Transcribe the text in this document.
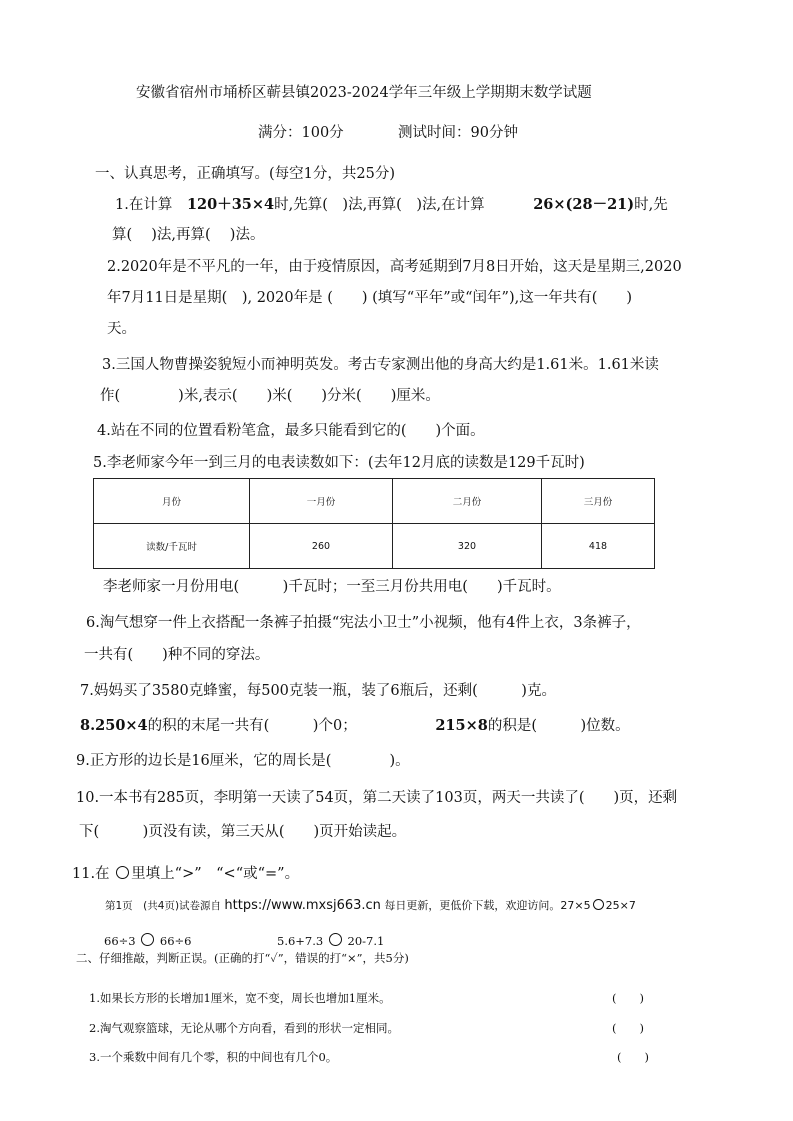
安徽省宿州市埇桥区蕲县镇2023-2024学年三年级上学期期末数学试题
满分：100分	测试时间：90分钟
一、认真思考，正确填写。(每空1分，共25分)
1.在计算 120＋35×4时,先算(　)法,再算(　)法,在计算	26×(28－21)时,先
算(　 )法,再算(　 )法。
2.2020年是不平凡的一年，由于疫情原因，高考延期到7月8日开始，这天是星期三,2020
年7月11日是星期(　), 2020年是 (　　) (填写“平年”或“闰年”),这一年共有(　　)
天。
3.三国人物曹操姿貌短小而神明英发。考古专家测出他的身高大约是1.61米。1.61米读
作(　　　　)米,表示(　　)米(　　)分米(　　)厘米。
4.站在不同的位置看粉笔盒，最多只能看到它的(　　)个面。
5.李老师家今年一到三月的电表读数如下：(去年12月底的读数是129千瓦时)
月份	一月份	二月份	三月份
读数/千瓦时	260	320	418
李老师家一月份用电(　　　)千瓦时；一至三月份共用电(　　)千瓦时。
6.淘气想穿一件上衣搭配一条裤子拍摄“宪法小卫士”小视频，他有4件上衣，3条裤子，
一共有(　　)种不同的穿法。
7.妈妈买了3580克蜂蜜，每500克装一瓶，装了6瓶后，还剩(　　　)克。
8.250×4的积的末尾一共有(　　　)个0；	215×8的积是(　　　)位数。
9.正方形的边长是16厘米，它的周长是(　　　　)。
10.一本书有285页，李明第一天读了54页，第二天读了103页，两天一共读了(　　)页，还剩
下(　　　)页没有读，第三天从(　　)页开始读起。
11.在 里填上“>”　“<“或“=”。
第1页　(共4页)试卷源自 https://www.mxsj663.cn 每日更新，更低价下载，欢迎访问。27×5 25×7
66÷3 66÷6	5.6+7.3 20-7.1
二、仔细推敲，判断正误。(正确的打“✓”，错误的打“×”，共5分)
1.如果长方形的长增加1厘米，宽不变，周长也增加1厘米。	(　　)
2.淘气观察篮球，无论从哪个方向看，看到的形状一定相同。	(　　)
3.一个乘数中间有几个零，积的中间也有几个0。	(　　)
